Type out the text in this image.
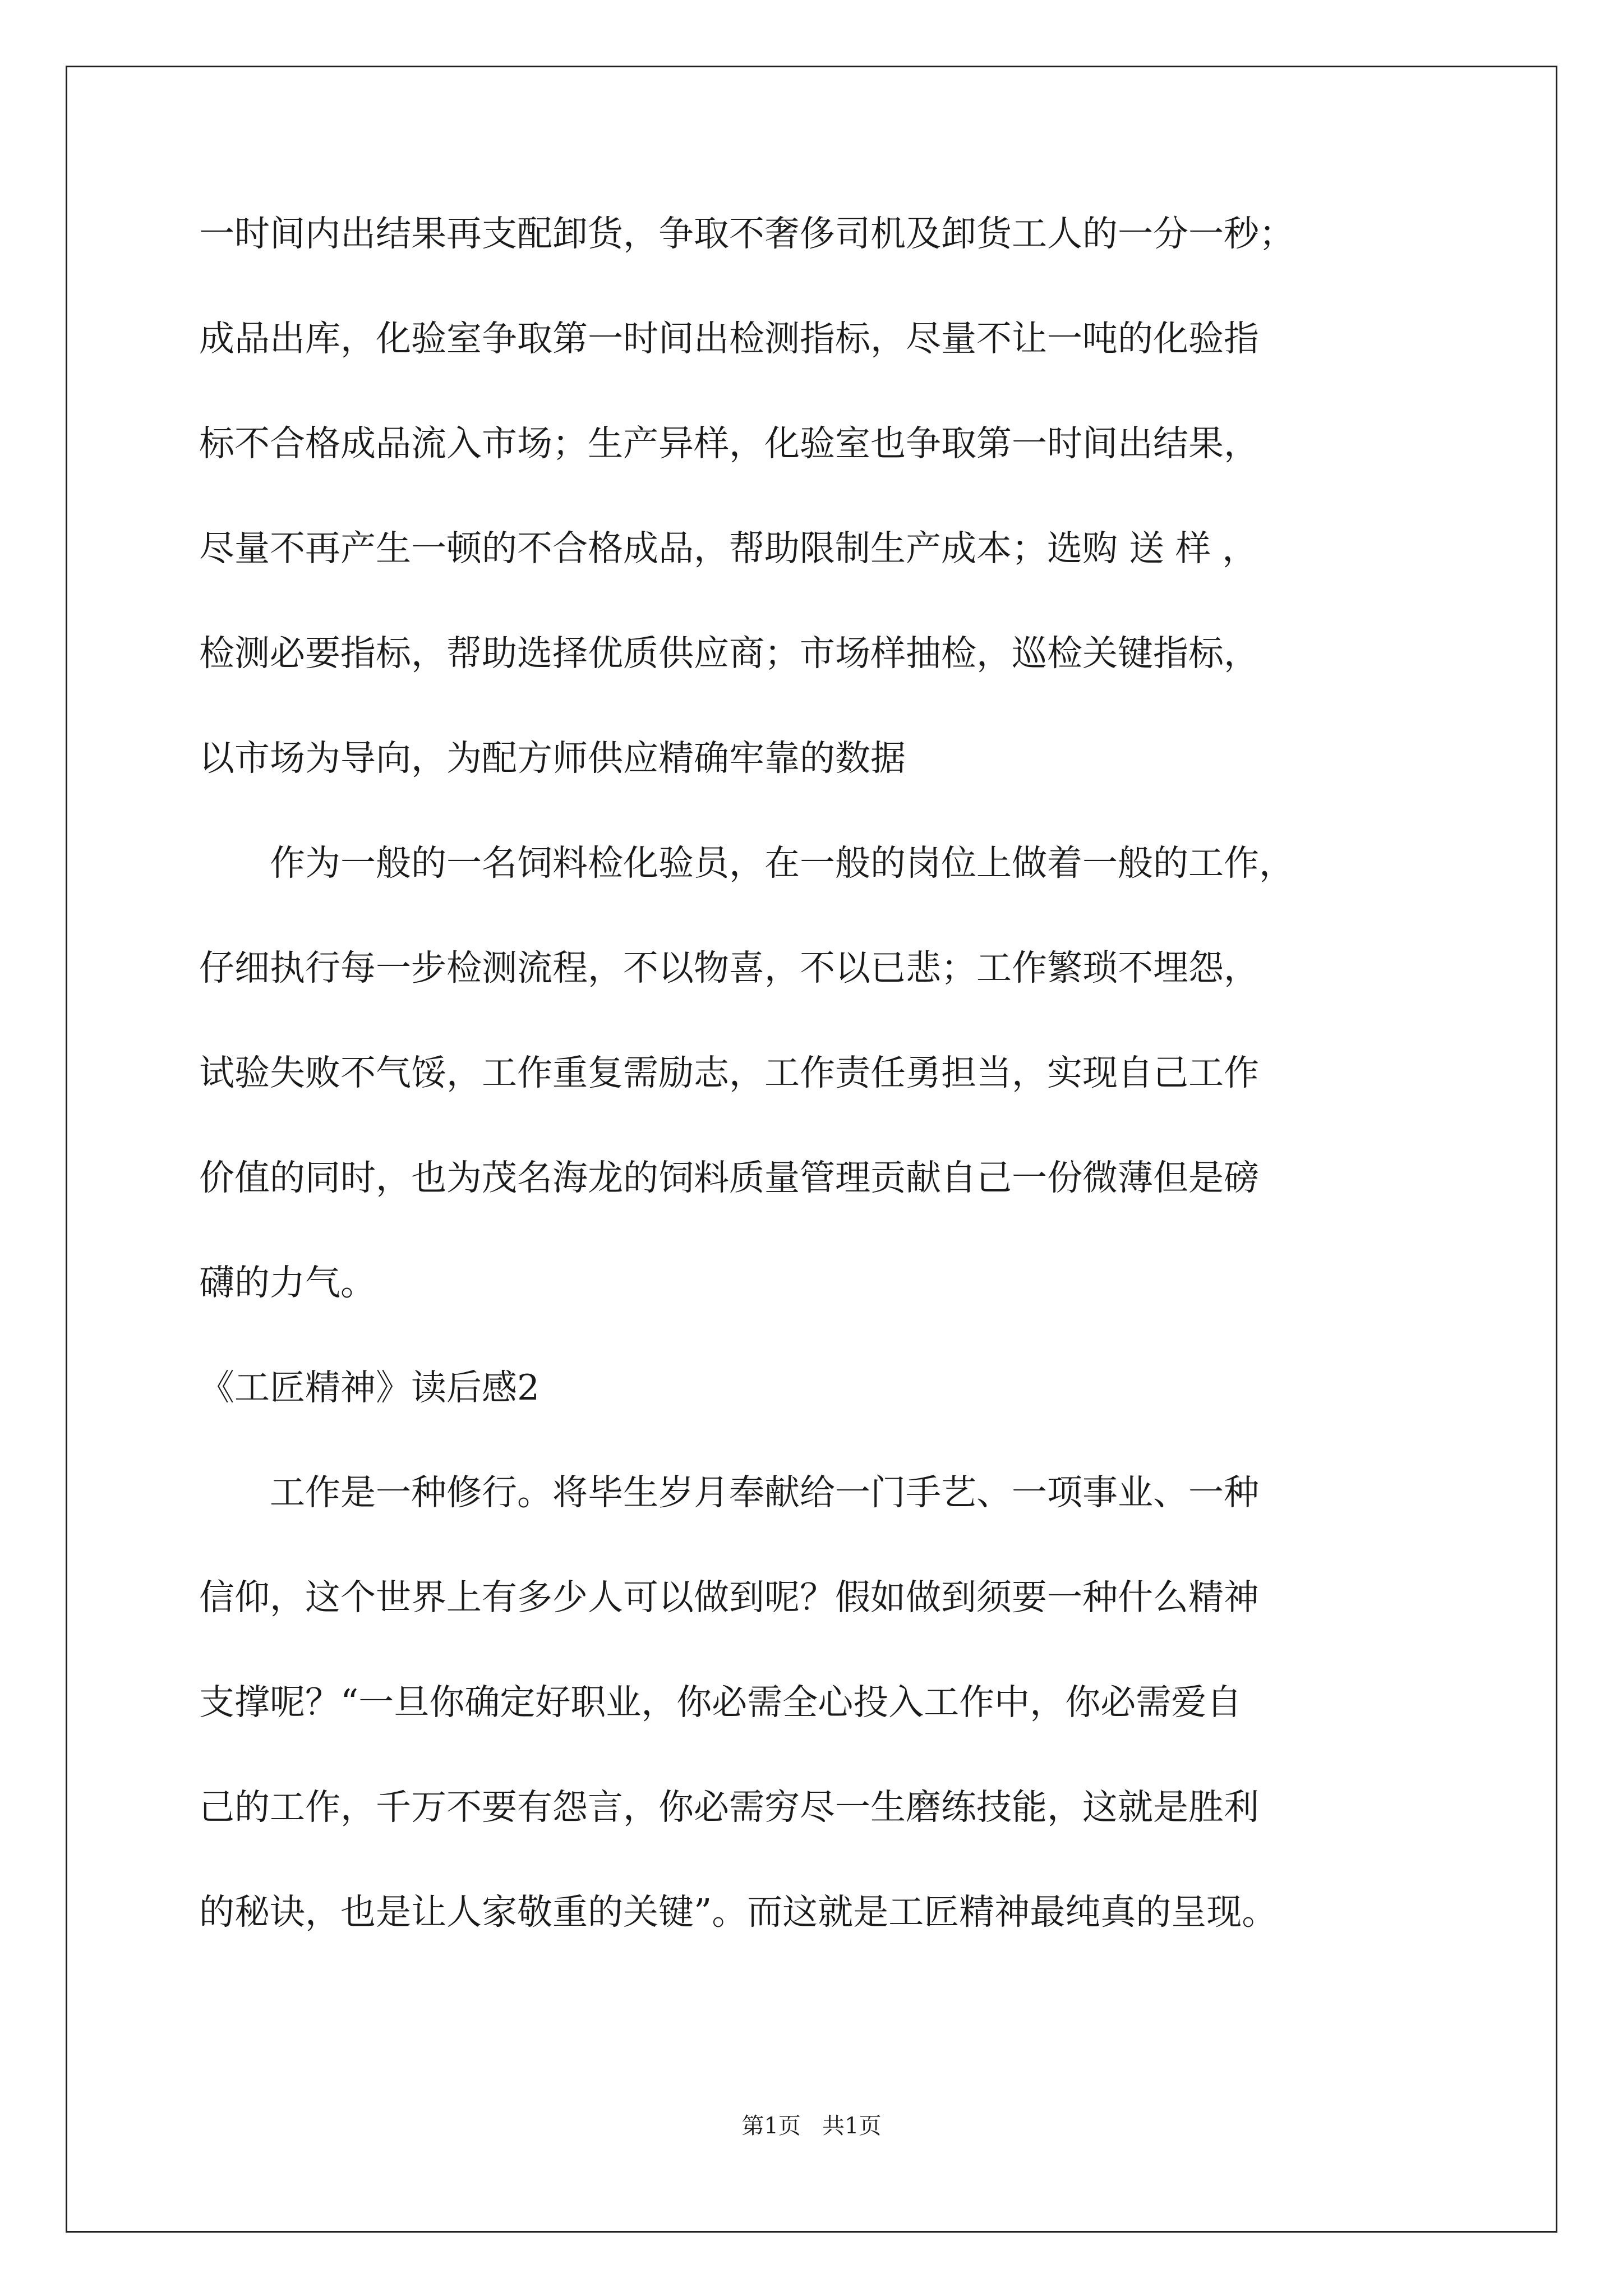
一时间内出结果再支配卸货，争取不奢侈司机及卸货工人的一分一秒；

成品出库，化验室争取第一时间出检测指标，尽量不让一吨的化验指

标不合格成品流入市场；生产异样，化验室也争取第一时间出结果，

尽量不再产生一顿的不合格成品，帮助限制生产成本；选购 送 样 ，

检测必要指标，帮助选择优质供应商；市场样抽检，巡检关键指标，

以市场为导向，为配方师供应精确牢靠的数据

作为一般的一名饲料检化验员，在一般的岗位上做着一般的工作，

仔细执行每一步检测流程，不以物喜，不以已悲；工作繁琐不埋怨，

试验失败不气馁，工作重复需励志，工作责任勇担当，实现自己工作

价值的同时，也为茂名海龙的饲料质量管理贡献自己一份微薄但是磅

礴的力气。

《工匠精神》读后感2

工作是一种修行。将毕生岁月奉献给一门手艺、一项事业、一种

信仰，这个世界上有多少人可以做到呢？假如做到须要一种什么精神

支撑呢？“一旦你确定好职业，你必需全心投入工作中，你必需爱自

己的工作，千万不要有怨言，你必需穷尽一生磨练技能，这就是胜利

的秘诀，也是让人家敬重的关键”。而这就是工匠精神最纯真的呈现。

第1页   共1页
